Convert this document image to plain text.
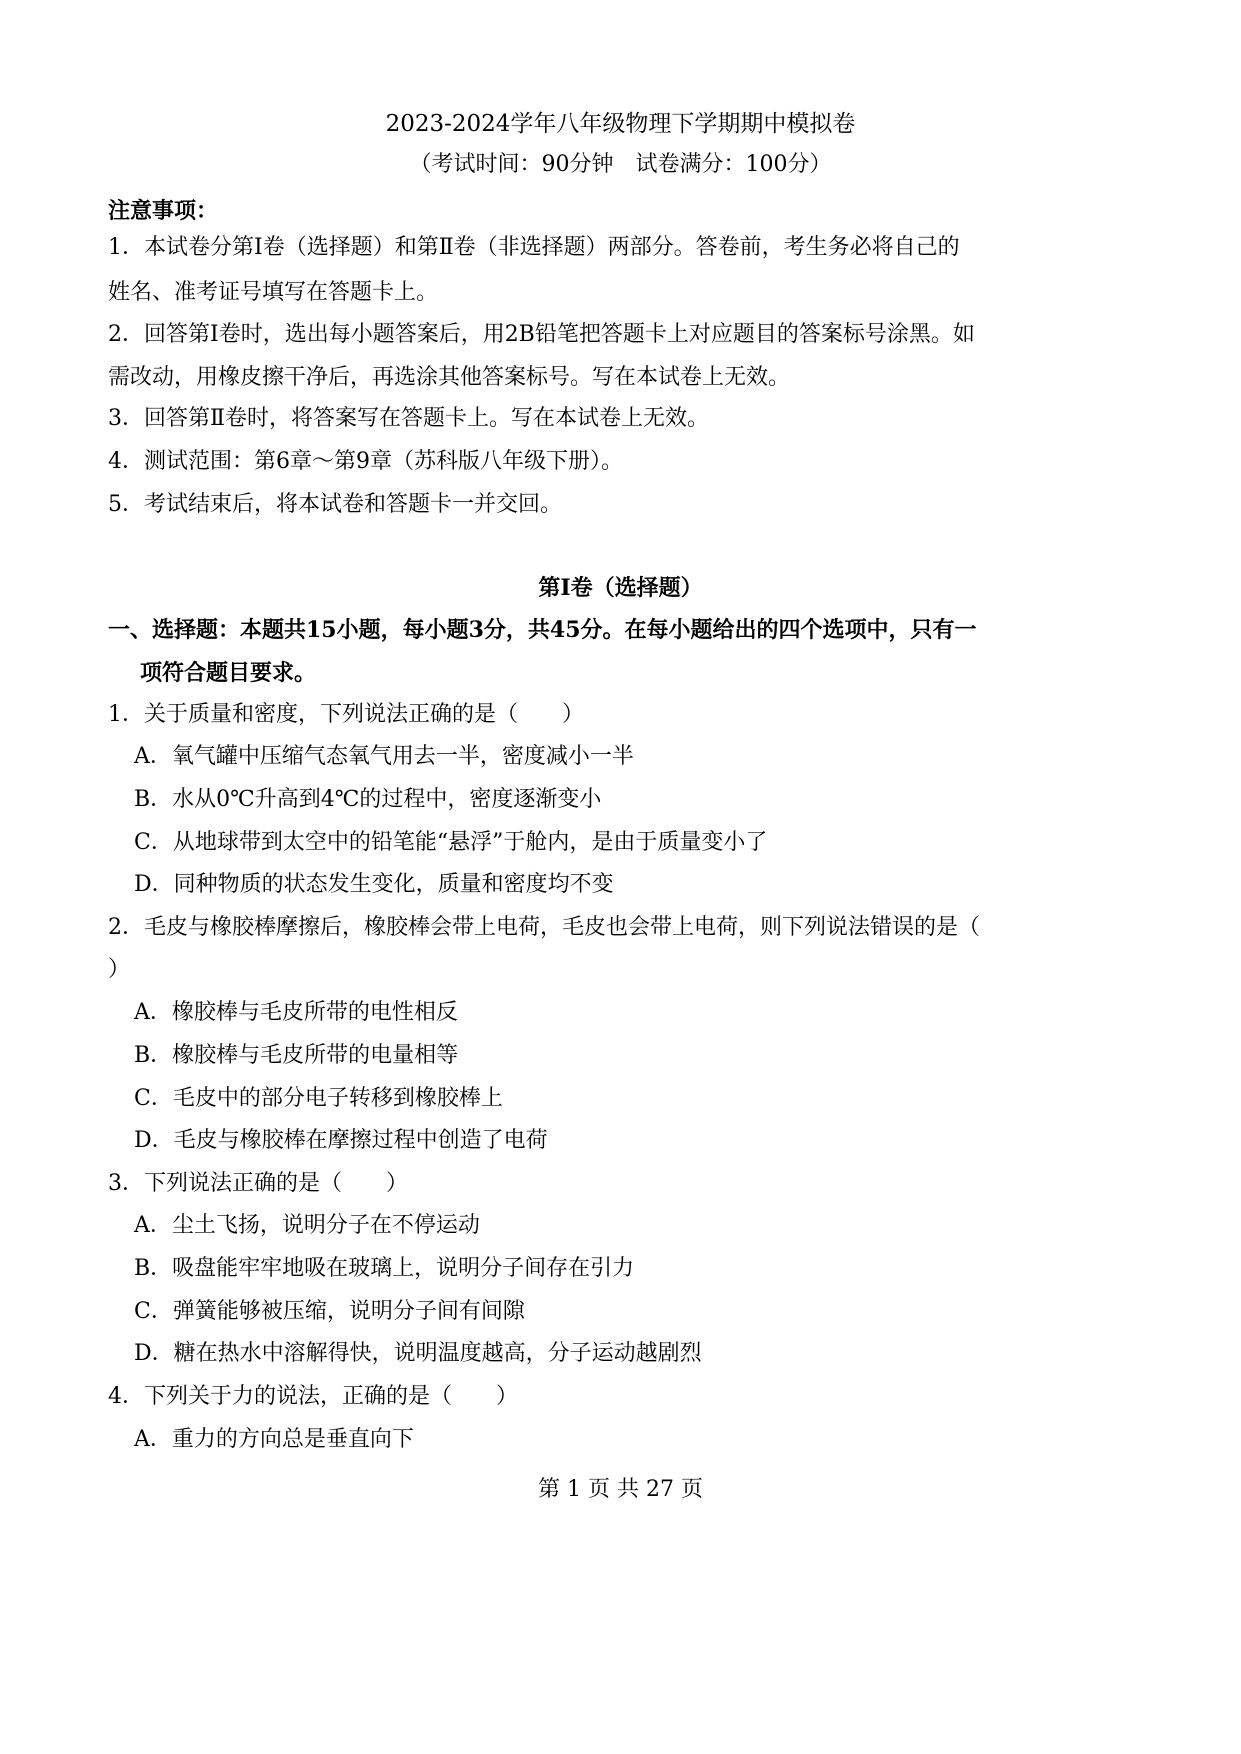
2023-2024学年八年级物理下学期期中模拟卷
（考试时间：90分钟　试卷满分：100分）
注意事项：
1．本试卷分第Ⅰ卷（选择题）和第Ⅱ卷（非选择题）两部分。答卷前，考生务必将自己的
姓名、准考证号填写在答题卡上。
2．回答第Ⅰ卷时，选出每小题答案后，用2B铅笔把答题卡上对应题目的答案标号涂黑。如
需改动，用橡皮擦干净后，再选涂其他答案标号。写在本试卷上无效。
3．回答第Ⅱ卷时，将答案写在答题卡上。写在本试卷上无效。
4．测试范围：第6章～第9章（苏科版八年级下册）。
5．考试结束后，将本试卷和答题卡一并交回。
第Ⅰ卷（选择题）
一、选择题：本题共15小题，每小题3分，共45分。在每小题给出的四个选项中，只有一
项符合题目要求。
1．关于质量和密度，下列说法正确的是（　　）
A．氧气罐中压缩气态氧气用去一半，密度减小一半
B．水从0℃升高到4℃的过程中，密度逐渐变小
C．从地球带到太空中的铅笔能“悬浮”于舱内，是由于质量变小了
D．同种物质的状态发生变化，质量和密度均不变
2．毛皮与橡胶棒摩擦后，橡胶棒会带上电荷，毛皮也会带上电荷，则下列说法错误的是（
）
A．橡胶棒与毛皮所带的电性相反
B．橡胶棒与毛皮所带的电量相等
C．毛皮中的部分电子转移到橡胶棒上
D．毛皮与橡胶棒在摩擦过程中创造了电荷
3．下列说法正确的是（　　）
A．尘土飞扬，说明分子在不停运动
B．吸盘能牢牢地吸在玻璃上，说明分子间存在引力
C．弹簧能够被压缩，说明分子间有间隙
D．糖在热水中溶解得快，说明温度越高，分子运动越剧烈
4．下列关于力的说法，正确的是（　　）
A．重力的方向总是垂直向下
第 1 页 共 27 页
